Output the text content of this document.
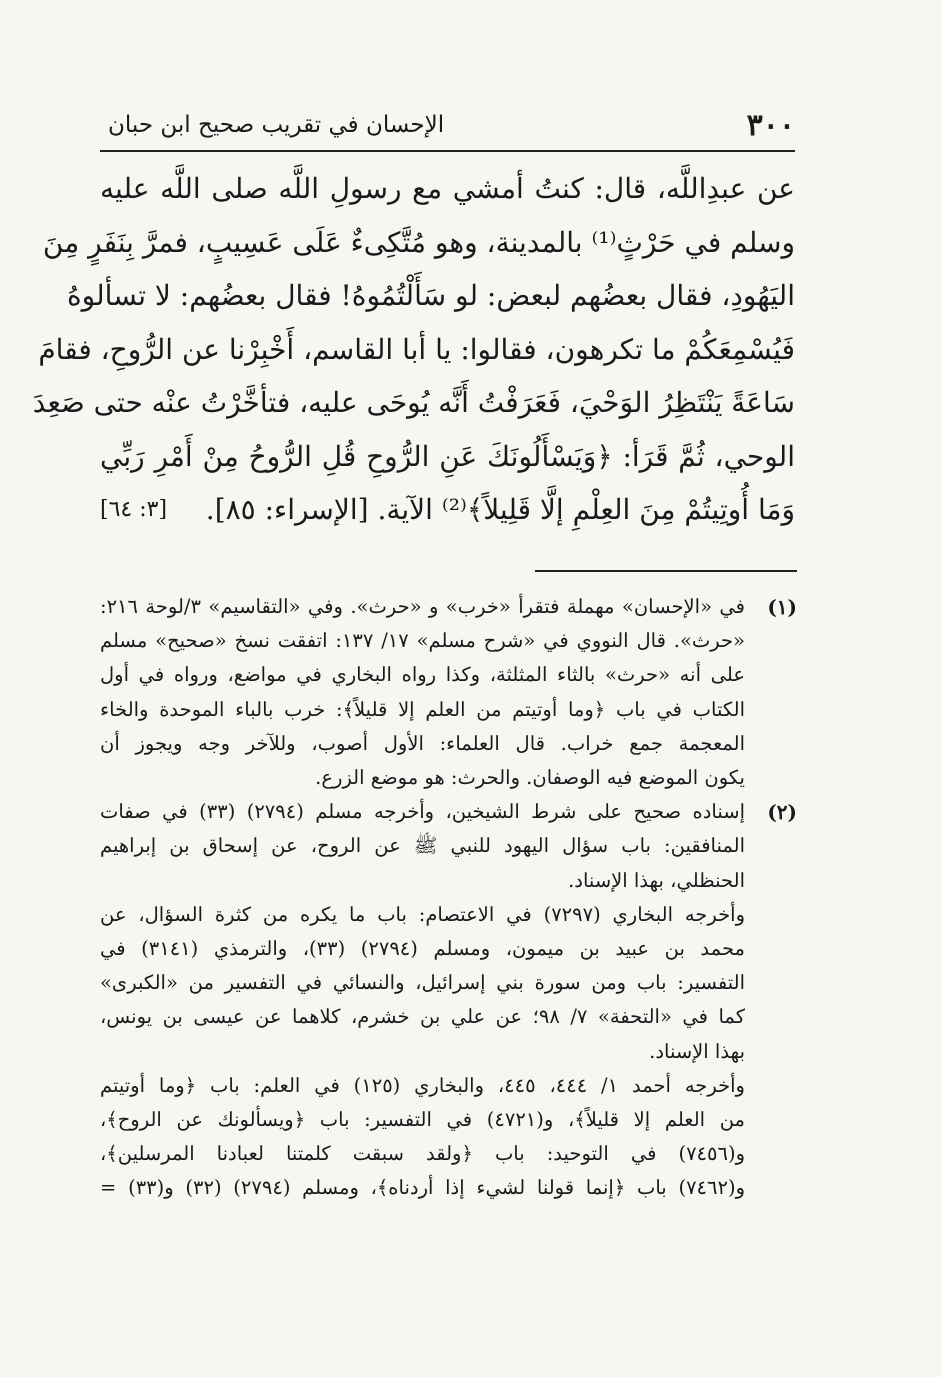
٣٠٠
الإحسان في تقريب صحيح ابن حبان
عن عبدِاللَّه، قال: كنتُ أمشي مع رسولِ اللَّه صلى اللَّه عليه
وسلم في حَرْثٍ⁽¹⁾ بالمدينة، وهو مُتَّكِىءٌ عَلَى عَسِيبٍ، فمرَّ بِنَفَرٍ مِنَ
اليَهُودِ، فقال بعضُهم لبعض: لو سَأَلْتُمُوهُ! فقال بعضُهم: لا تسألوهُ
فَيُسْمِعَكُمْ ما تكرهون، فقالوا: يا أبا القاسم، أَخْبِرْنا عن الرُّوحِ، فقامَ
سَاعَةً يَنْتَظِرُ الوَحْيَ، فَعَرَفْتُ أَنَّه يُوحَى عليه، فتأخَّرْتُ عنْه حتى صَعِدَ
الوحي، ثُمَّ قَرَأ: ﴿وَيَسْأَلُونَكَ عَنِ الرُّوحِ قُلِ الرُّوحُ مِنْ أَمْرِ رَبِّي
وَمَا أُوتِيتُمْ مِنَ العِلْمِ إلَّا قَلِيلاً﴾⁽²⁾ الآية. [الإسراء: ٨٥].
[٣: ٦٤]
(١)
في «الإحسان» مهملة فتقرأ «خرب» و «حرث». وفي «التقاسيم» ٣/لوحة ٢١٦:
«حرث». قال النووي في «شرح مسلم» ١٧/ ١٣٧: اتفقت نسخ «صحيح» مسلم
على أنه «حرث» بالثاء المثلثة، وكذا رواه البخاري في مواضع، ورواه في أول
الكتاب في باب ﴿وما أوتيتم من العلم إلا قليلاً﴾: خرب بالباء الموحدة والخاء
المعجمة جمع خراب. قال العلماء: الأول أصوب، وللآخر وجه ويجوز أن
يكون الموضع فيه الوصفان. والحرث: هو موضع الزرع.
(٢)
إسناده صحيح على شرط الشيخين، وأخرجه مسلم (٢٧٩٤) (٣٣) في صفات
المنافقين: باب سؤال اليهود للنبي ﷺ عن الروح، عن إسحاق بن إبراهيم
الحنظلي، بهذا الإسناد.
وأخرجه البخاري (٧٢٩٧) في الاعتصام: باب ما يكره من كثرة السؤال، عن
محمد بن عبيد بن ميمون، ومسلم (٢٧٩٤) (٣٣)، والترمذي (٣١٤١) في
التفسير: باب ومن سورة بني إسرائيل، والنسائي في التفسير من «الكبرى»
كما في «التحفة» ٧/ ٩٨؛ عن علي بن خشرم، كلاهما عن عيسى بن يونس،
بهذا الإسناد.
وأخرجه أحمد ١/ ٤٤٤، ٤٤٥، والبخاري (١٢٥) في العلم: باب ﴿وما أوتيتم
من العلم إلا قليلاً﴾، و(٤٧٢١) في التفسير: باب ﴿ويسألونك عن الروح﴾،
و(٧٤٥٦) في التوحيد: باب ﴿ولقد سبقت كلمتنا لعبادنا المرسلين﴾،
و(٧٤٦٢) باب ﴿إنما قولنا لشيء إذا أردناه﴾، ومسلم (٢٧٩٤) (٣٢) و(٣٣) =
